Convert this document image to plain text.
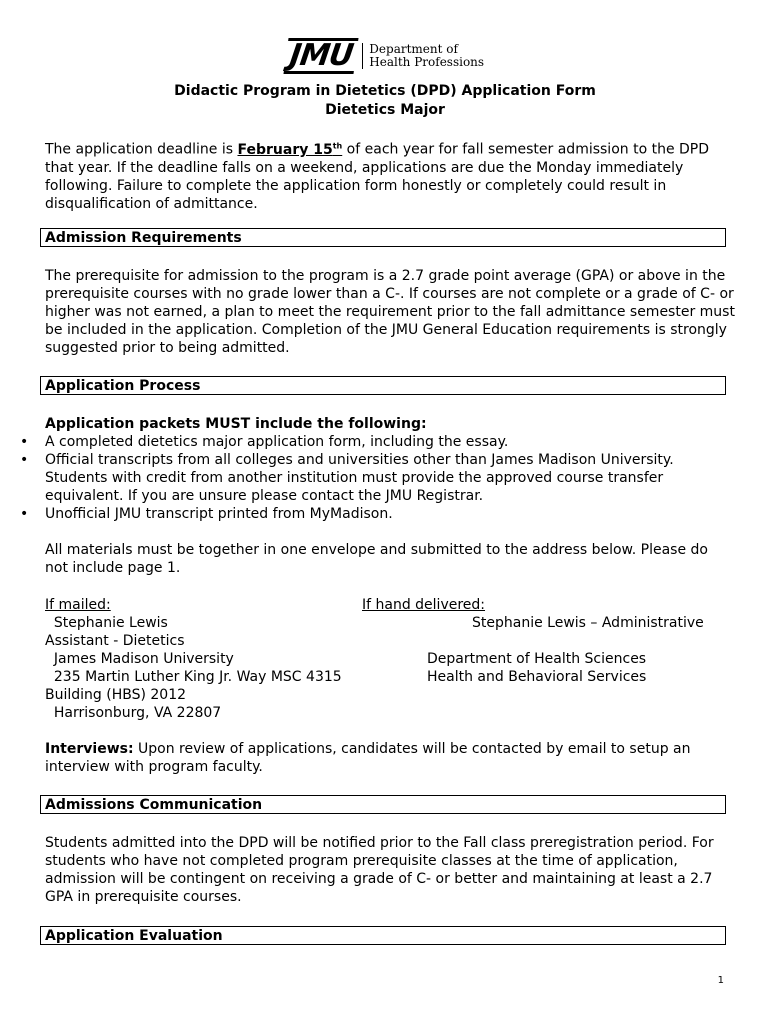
JMU	Department of
Health Professions
Didactic Program in Dietetics (DPD) Application Form
Dietetics Major
The application deadline is February 15th of each year for fall semester admission to the DPD that year. If the deadline falls on a weekend, applications are due the Monday immediately following. Failure to complete the application form honestly or completely could result in disqualification of admittance.
Admission Requirements
The prerequisite for admission to the program is a 2.7 grade point average (GPA) or above in the prerequisite courses with no grade lower than a C-. If courses are not complete or a grade of C- or higher was not earned, a plan to meet the requirement prior to the fall admittance semester must be included in the application. Completion of the JMU General Education requirements is strongly suggested prior to being admitted.
Application Process
Application packets MUST include the following:
• A completed dietetics major application form, including the essay.
• Official transcripts from all colleges and universities other than James Madison University. Students with credit from another institution must provide the approved course transfer equivalent. If you are unsure please contact the JMU Registrar.
• Unofficial JMU transcript printed from MyMadison.
All materials must be together in one envelope and submitted to the address below. Please do not include page 1.
If mailed:	If hand delivered:
Stephanie Lewis	Stephanie Lewis – Administrative
Assistant - Dietetics
James Madison University	Department of Health Sciences
235 Martin Luther King Jr. Way MSC 4315	Health and Behavioral Services
Building (HBS) 2012
Harrisonburg, VA 22807
Interviews: Upon review of applications, candidates will be contacted by email to setup an interview with program faculty.
Admissions Communication
Students admitted into the DPD will be notified prior to the Fall class preregistration period. For students who have not completed program prerequisite classes at the time of application, admission will be contingent on receiving a grade of C- or better and maintaining at least a 2.7 GPA in prerequisite courses.
Application Evaluation
1
